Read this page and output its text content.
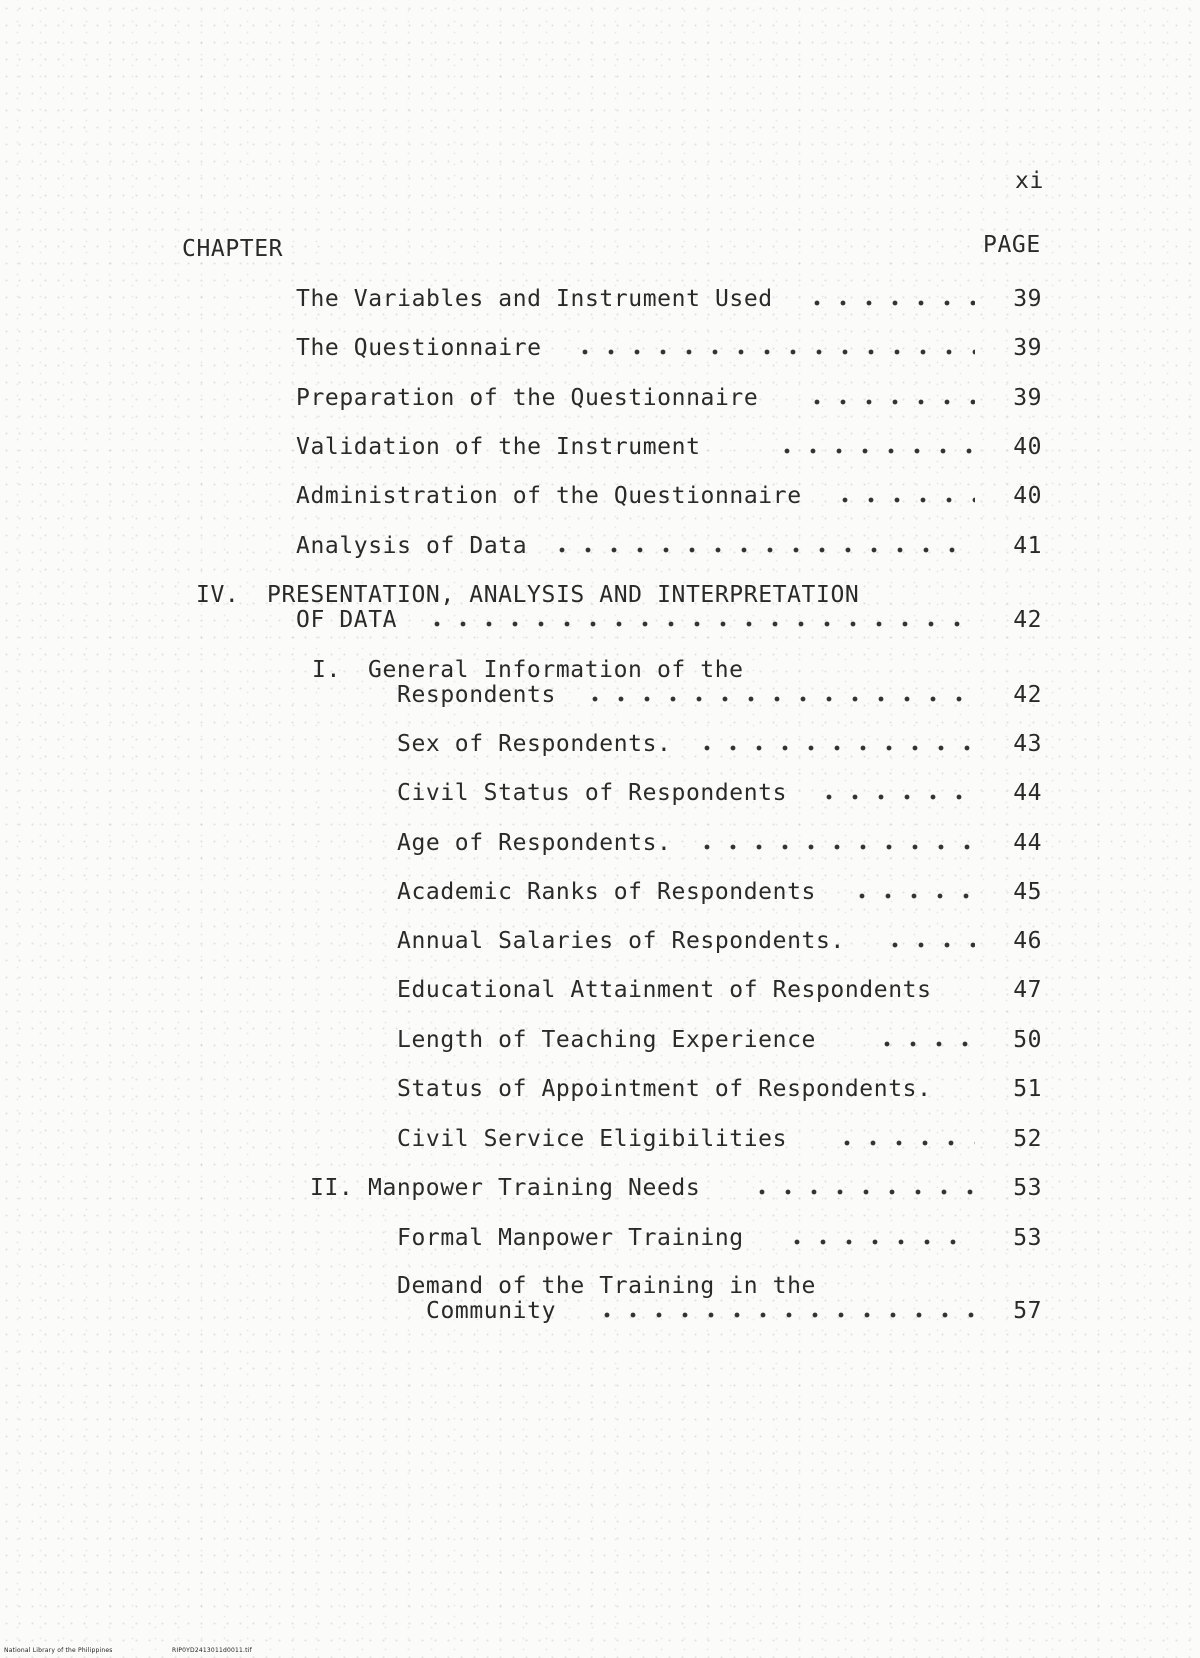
xi
CHAPTER	PAGE
The Variables and Instrument Used	39
The Questionnaire	39
Preparation of the Questionnaire	39
Validation of the Instrument	40
Administration of the Questionnaire	40
Analysis of Data	41
IV. PRESENTATION, ANALYSIS AND INTERPRETATION
OF DATA	42
I. General Information of the
Respondents	42
Sex of Respondents.	43
Civil Status of Respondents	44
Age of Respondents.	44
Academic Ranks of Respondents	45
Annual Salaries of Respondents.	46
Educational Attainment of Respondents	47
Length of Teaching Experience	50
Status of Appointment of Respondents.	51
Civil Service Eligibilities	52
II. Manpower Training Needs	53
Formal Manpower Training	53
Demand of the Training in the
Community	57
National Library of the Philippines	RIP0YD2413011d0011.tif
